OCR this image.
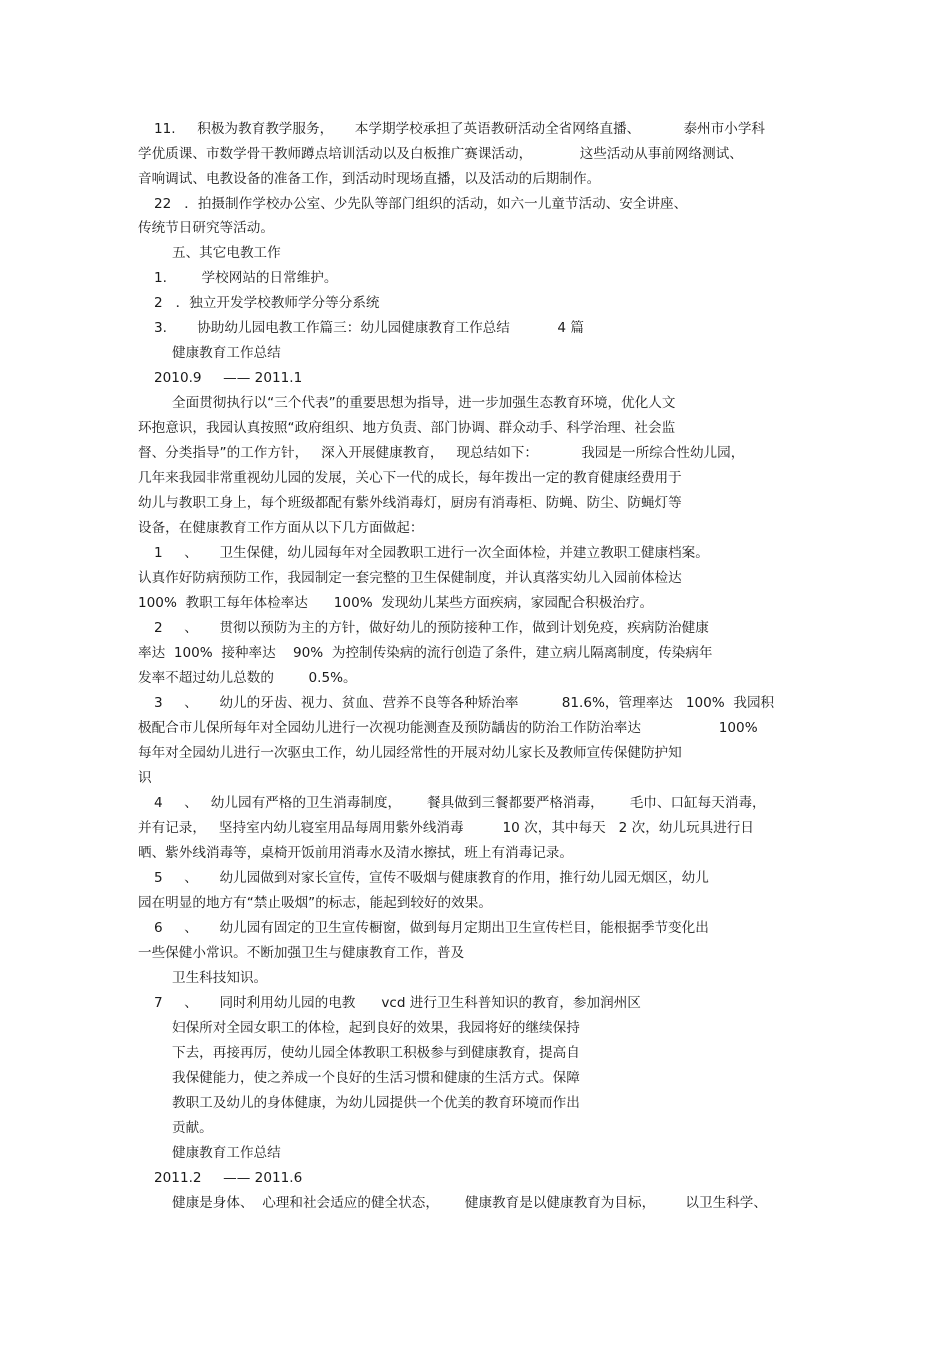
11.     积极为教育教学服务，     本学期学校承担了英语教研活动全省网络直播、          泰州市小学科

学优质课、市数学骨干教师蹲点培训活动以及白板推广赛课活动，           这些活动从事前网络测试、

音响调试、电教设备的准备工作，到活动时现场直播，以及活动的后期制作。

22   ．拍摄制作学校办公室、少先队等部门组织的活动，如六一儿童节活动、安全讲座、

传统节日研究等活动。

五、其它电教工作

1.        学校网站的日常维护。

2   ．独立开发学校教师学分等分系统

3.       协助幼儿园电教工作篇三：幼儿园健康教育工作总结           4 篇

健康教育工作总结

2010.9     —— 2011.1

全面贯彻执行以“三个代表”的重要思想为指导，进一步加强生态教育环境，优化人文

环抱意识，我园认真按照“政府组织、地方负责、部门协调、群众动手、科学治理、社会监

督、分类指导”的工作方针，   深入开展健康教育，   现总结如下：          我园是一所综合性幼儿园，

几年来我园非常重视幼儿园的发展，关心下一代的成长，每年拨出一定的教育健康经费用于

幼儿与教职工身上，每个班级都配有紫外线消毒灯，厨房有消毒柜、防蝇、防尘、防蝇灯等

设备，在健康教育工作方面从以下几方面做起：

1     、     卫生保健，幼儿园每年对全园教职工进行一次全面体检，并建立教职工健康档案。

认真作好防病预防工作，我园制定一套完整的卫生保健制度，并认真落实幼儿入园前体检达

100%  教职工每年体检率达      100%  发现幼儿某些方面疾病，家园配合积极治疗。

2     、     贯彻以预防为主的方针，做好幼儿的预防接种工作，做到计划免疫，疾病防治健康

率达  100%  接种率达    90%  为控制传染病的流行创造了条件，建立病儿隔离制度，传染病年

发率不超过幼儿总数的        0.5%。

3     、     幼儿的牙齿、视力、贫血、营养不良等各种矫治率          81.6%，管理率达   100%  我园积

极配合市儿保所每年对全园幼儿进行一次视功能测查及预防龋齿的防治工作防治率达                  100%

每年对全园幼儿进行一次驱虫工作，幼儿园经常性的开展对幼儿家长及教师宣传保健防护知

识

4     、   幼儿园有严格的卫生消毒制度，      餐具做到三餐都要严格消毒，      毛巾、口缸每天消毒，

并有记录，   坚持室内幼儿寝室用品每周用紫外线消毒         10 次，其中每天   2 次，幼儿玩具进行日

晒、紫外线消毒等，桌椅开饭前用消毒水及清水擦拭，班上有消毒记录。

5     、     幼儿园做到对家长宣传，宣传不吸烟与健康教育的作用，推行幼儿园无烟区，幼儿

园在明显的地方有“禁止吸烟”的标志，能起到较好的效果。

6     、     幼儿园有固定的卫生宣传橱窗，做到每月定期出卫生宣传栏目，能根据季节变化出

一些保健小常识。不断加强卫生与健康教育工作，普及

卫生科技知识。

7     、     同时利用幼儿园的电教      vcd 进行卫生科普知识的教育，参加润州区

妇保所对全园女职工的体检，起到良好的效果，我园将好的继续保持

下去，再接再厉，使幼儿园全体教职工积极参与到健康教育，提高自

我保健能力，使之养成一个良好的生活习惯和健康的生活方式。保障

教职工及幼儿的身体健康，为幼儿园提供一个优美的教育环境而作出

贡献。

健康教育工作总结

2011.2     —— 2011.6

健康是身体、  心理和社会适应的健全状态，      健康教育是以健康教育为目标，       以卫生科学、
